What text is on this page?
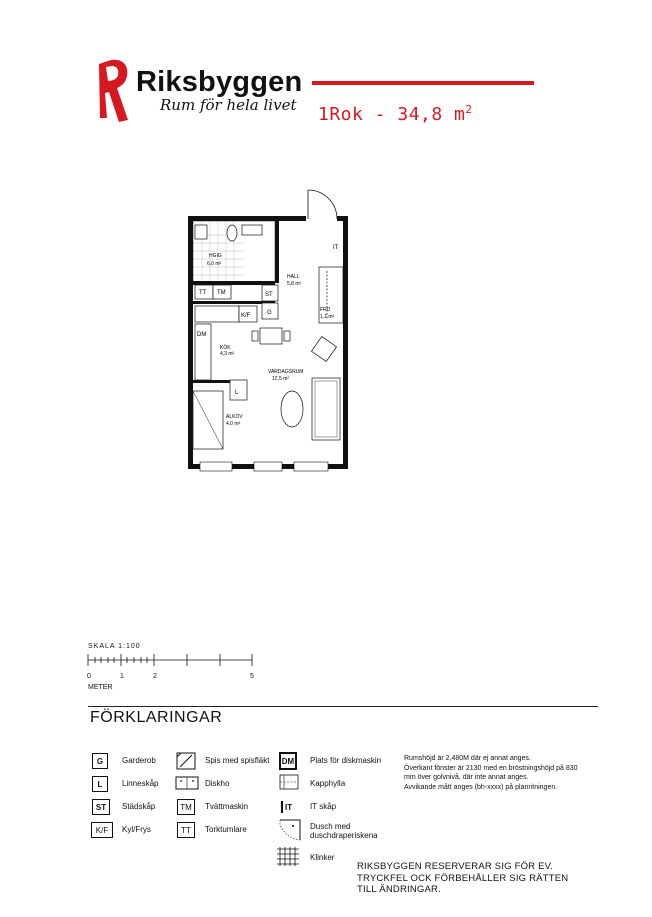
Riksbyggen
Rum för hela livet 1Rok - 34,8 $m^2$
HGIG
6,0 m²
TT TM	ST
G
HALL
5,8 m²
FRD
1,1 m²
IT
K/F
DM
KÖK
4,3 m²
VARDAGSRUM
12,5 m²
L
ALKOV
4,0 m²
SKALA 1:100
0	1	2	5
METER
FÖRKLARINGAR
G Garderob
L Linneskåp
ST Städskåp
K/F Kyl/Frys
Spis med spisfläkt
Diskho
TM Tvättmaskin
TT Torktumlare
DM Plats för diskmaskin
Kapphylla
IT IT skåp
Dusch med
duschdraperiskena
Klinker
Rumshöjd är 2,480M där ej annat anges.
Överkant fönster är 2130 med en bröstningshöjd på 830
mm över golvnivå, där inte annat anges.
Avvikande mått anges (bh-xxxx) på planritningen.
RIKSBYGGEN RESERVERAR SIG FÖR EV.
TRYCKFEL OCK FÖRBEHÅLLER SIG RÄTTEN
TILL ÄNDRINGAR.
